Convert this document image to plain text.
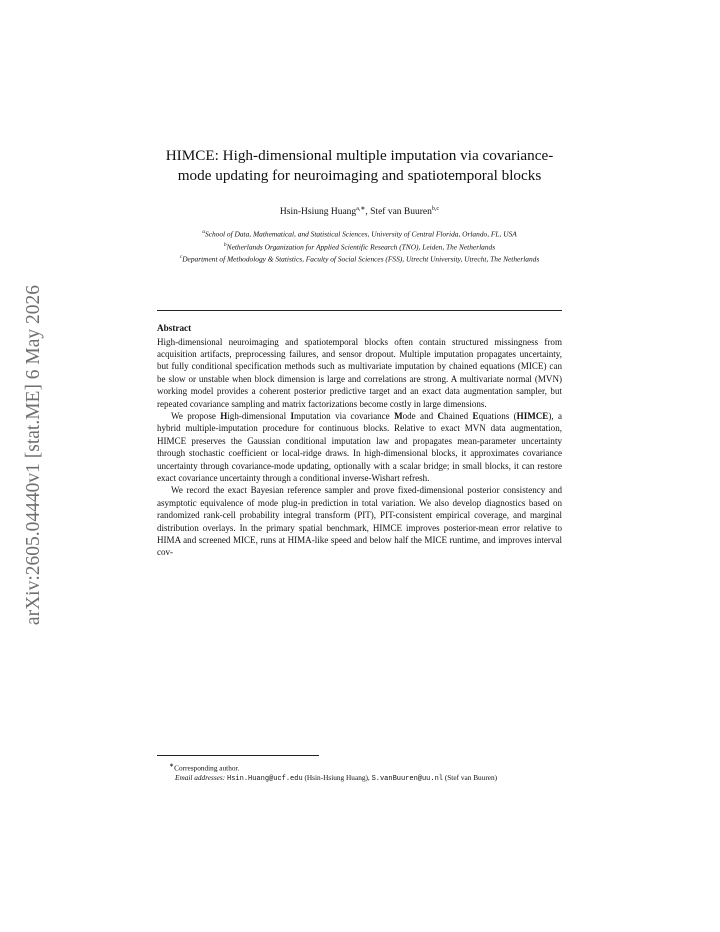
arXiv:2605.04440v1 [stat.ME] 6 May 2026
HIMCE: High-dimensional multiple imputation via covariance-mode updating for neuroimaging and spatiotemporal blocks
Hsin-Hsiung Huang$^{a,∗}$, Stef van Buuren$^{b,c}$
$^a$School of Data, Mathematical, and Statistical Sciences, University of Central Florida, Orlando, FL, USA
$^b$Netherlands Organization for Applied Scientific Research (TNO), Leiden, The Netherlands
$^c$Department of Methodology & Statistics, Faculty of Social Sciences (FSS), Utrecht University, Utrecht, The Netherlands
Abstract

High-dimensional neuroimaging and spatiotemporal blocks often contain structured missingness from acquisition artifacts, preprocessing failures, and sensor dropout. Multiple imputation propagates uncertainty, but fully conditional specification methods such as multivariate imputation by chained equations (MICE) can be slow or unstable when block dimension is large and correlations are strong. A multivariate normal (MVN) working model provides a coherent posterior predictive target and an exact data augmentation sampler, but repeated covariance sampling and matrix factorizations become costly in large dimensions.

We propose High-dimensional Imputation via covariance Mode and Chained Equations (HIMCE), a hybrid multiple-imputation procedure for continuous blocks. Relative to exact MVN data augmentation, HIMCE preserves the Gaussian conditional imputation law and propagates mean-parameter uncertainty through stochastic coefficient or local-ridge draws. In high-dimensional blocks, it approximates covariance uncertainty through covariance-mode updating, optionally with a scalar bridge; in small blocks, it can restore exact covariance uncertainty through a conditional inverse-Wishart refresh.

We record the exact Bayesian reference sampler and prove fixed-dimensional posterior consistency and asymptotic equivalence of mode plug-in prediction in total variation. We also develop diagnostics based on randomized rank-cell probability integral transform (PIT), PIT-consistent empirical coverage, and marginal distribution overlays. In the primary spatial benchmark, HIMCE improves posterior-mean error relative to HIMA and screened MICE, runs at HIMA-like speed and below half the MICE runtime, and improves interval cov-

∗Corresponding author.
Email addresses: Hsin.Huang@ucf.edu (Hsin-Hsiung Huang), S.vanBuuren@uu.nl (Stef van Buuren)
